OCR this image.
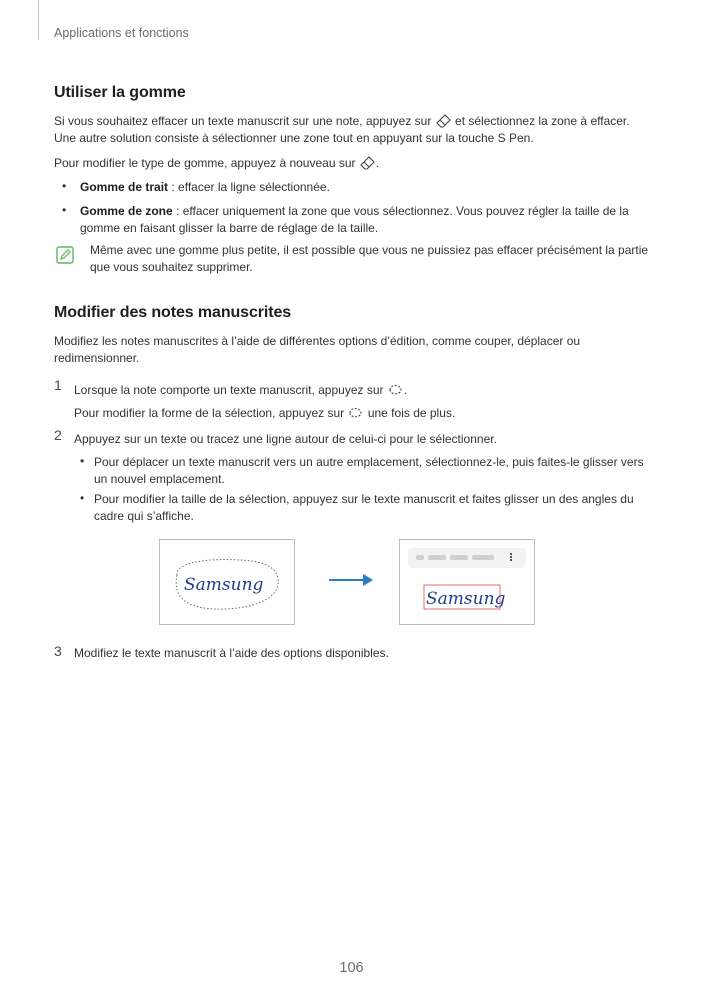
Applications et fonctions
Utiliser la gomme
Si vous souhaitez effacer un texte manuscrit sur une note, appuyez sur et sélectionnez la zone à effacer.
Une autre solution consiste à sélectionner une zone tout en appuyant sur la touche S Pen.
Pour modifier le type de gomme, appuyez à nouveau sur .
• Gomme de trait : effacer la ligne sélectionnée.
• Gomme de zone : effacer uniquement la zone que vous sélectionnez. Vous pouvez régler la taille de la gomme en faisant glisser la barre de réglage de la taille.
Même avec une gomme plus petite, il est possible que vous ne puissiez pas effacer précisément la partie que vous souhaitez supprimer.
Modifier des notes manuscrites
Modifiez les notes manuscrites à l’aide de différentes options d’édition, comme couper, déplacer ou redimensionner.
1 Lorsque la note comporte un texte manuscrit, appuyez sur .
Pour modifier la forme de la sélection, appuyez sur une fois de plus.
2 Appuyez sur un texte ou tracez une ligne autour de celui-ci pour le sélectionner.
• Pour déplacer un texte manuscrit vers un autre emplacement, sélectionnez-le, puis faites-le glisser vers un nouvel emplacement.
• Pour modifier la taille de la sélection, appuyez sur le texte manuscrit et faites glisser un des angles du cadre qui s’affiche.
Samsung
Samsung
3 Modifiez le texte manuscrit à l’aide des options disponibles.
106
